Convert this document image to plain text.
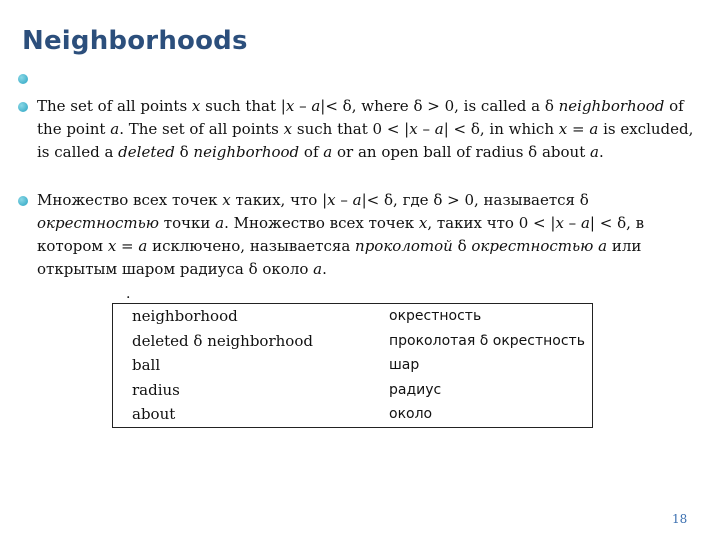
Neighborhoods

The set of all points x such that |x – a|< δ, where δ > 0, is called a δ neighborhood of the point a. The set of all points x such that 0 < |x – a| < δ, in which x = a is excluded, is called a deleted δ neighborhood of a or an open ball of radius δ about a.

Множество всех точек x таких, что |x – a|< δ, где δ > 0, называется δ окрестностью точки a. Множество всех точек x, таких что 0 < |x – a| < δ, в котором x = a исключено, называетсяа проколотой δ окрестностью a или открытым шаром радиуса δ около a.

.
neighborhood	окрестность
deleted δ neighborhood	проколотая δ окрестность
ball	шар
radius	радиус
about	около
18
